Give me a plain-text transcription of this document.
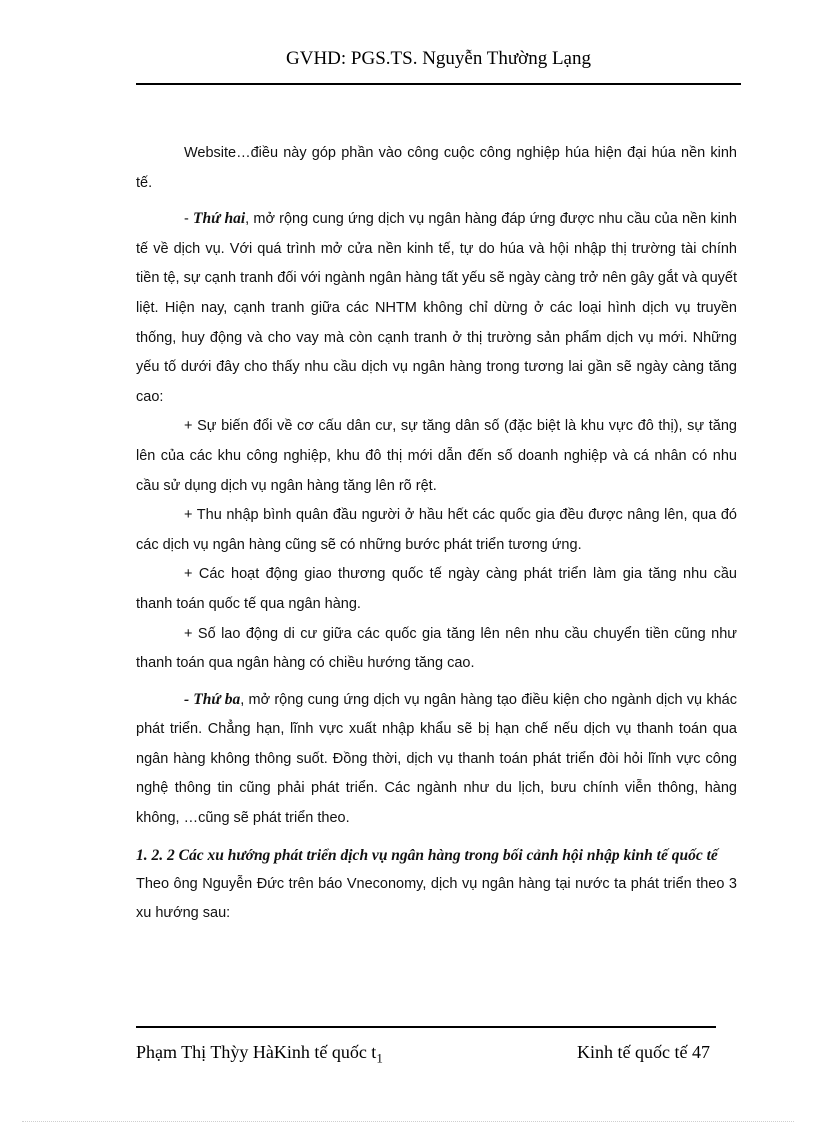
GVHD: PGS.TS. Nguyễn Thường Lạng

Website…điều này góp phần vào công cuộc công nghiệp húa hiện đại húa nền kinh tế.

- Thứ hai, mở rộng cung ứng dịch vụ ngân hàng đáp ứng được nhu cầu của nền kinh tế về dịch vụ. Với quá trình mở cửa nền kinh tế, tự do húa và hội nhập thị trường tài chính tiền tệ, sự cạnh tranh đối với ngành ngân hàng tất yếu sẽ ngày càng trở nên gây gắt và quyết liệt. Hiện nay, cạnh tranh giữa các NHTM không chỉ dừng ở các loại hình dịch vụ truyền thống, huy động và cho vay mà còn cạnh tranh ở thị trường sản phẩm dịch vụ mới. Những yếu tố dưới đây cho thấy nhu cầu dịch vụ ngân hàng trong tương lai gần sẽ ngày càng tăng cao:

+ Sự biến đổi về cơ cấu dân cư, sự tăng dân số (đặc biệt là khu vực đô thị), sự tăng lên của các khu công nghiệp, khu đô thị mới dẫn đến số doanh nghiệp và cá nhân có nhu cầu sử dụng dịch vụ ngân hàng tăng lên rõ rệt.

+ Thu nhập bình quân đầu người ở hầu hết các quốc gia đều được nâng lên, qua đó các dịch vụ ngân hàng cũng sẽ có những bước phát triển tương ứng.

+ Các hoạt động giao thương quốc tế ngày càng phát triển làm gia tăng nhu cầu thanh toán quốc tế qua ngân hàng.

+ Số lao động di cư giữa các quốc gia tăng lên nên nhu cầu chuyển tiền cũng như thanh toán qua ngân hàng có chiều hướng tăng cao.

- Thứ ba, mở rộng cung ứng dịch vụ ngân hàng tạo điều kiện cho ngành dịch vụ khác phát triển. Chẳng hạn, lĩnh vực xuất nhập khẩu sẽ bị hạn chế nếu dịch vụ thanh toán qua ngân hàng không thông suốt. Đồng thời, dịch vụ thanh toán phát triển đòi hỏi lĩnh vực công nghệ thông tin cũng phải phát triển. Các ngành như du lịch, bưu chính viễn thông, hàng không, …cũng sẽ phát triển theo.

1. 2. 2 Các xu hướng phát triển dịch vụ ngân hàng trong bối cảnh hội nhập kinh tế quốc tế

Theo ông Nguyễn Đức trên báo Vneconomy, dịch vụ ngân hàng tại nước ta phát triển theo 3 xu hướng sau:

Phạm Thị Thỳy HàKinh tế quốc $t_1$	Kinh tế quốc tế 47
